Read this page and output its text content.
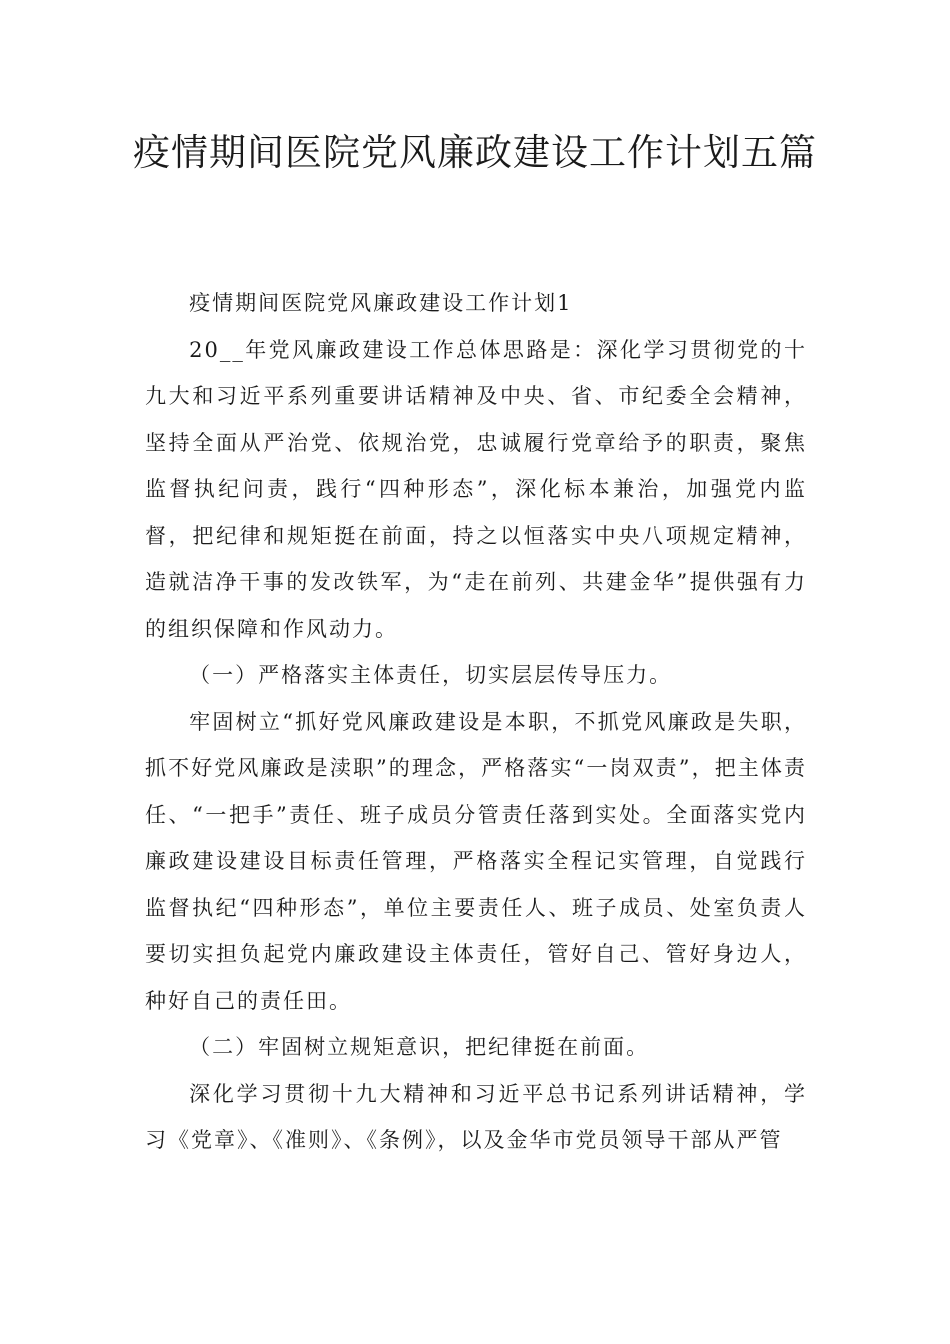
疫情期间医院党风廉政建设工作计划五篇

疫情期间医院党风廉政建设工作计划1

20__年党风廉政建设工作总体思路是：深化学习贯彻党的十九大和习近平系列重要讲话精神及中央、省、市纪委全会精神，坚持全面从严治党、依规治党，忠诚履行党章给予的职责，聚焦监督执纪问责，践行“四种形态”，深化标本兼治，加强党内监督，把纪律和规矩挺在前面，持之以恒落实中央八项规定精神，造就洁净干事的发改铁军，为“走在前列、共建金华”提供强有力的组织保障和作风动力。

（一）严格落实主体责任，切实层层传导压力。

牢固树立“抓好党风廉政建设是本职，不抓党风廉政是失职，抓不好党风廉政是渎职”的理念，严格落实“一岗双责”，把主体责任、“一把手”责任、班子成员分管责任落到实处。全面落实党内廉政建设建设目标责任管理，严格落实全程记实管理，自觉践行监督执纪“四种形态”，单位主要责任人、班子成员、处室负责人要切实担负起党内廉政建设主体责任，管好自己、管好身边人，种好自己的责任田。

（二）牢固树立规矩意识，把纪律挺在前面。

深化学习贯彻十九大精神和习近平总书记系列讲话精神，学习《党章》、《准则》、《条例》，以及金华市党员领导干部从严管
